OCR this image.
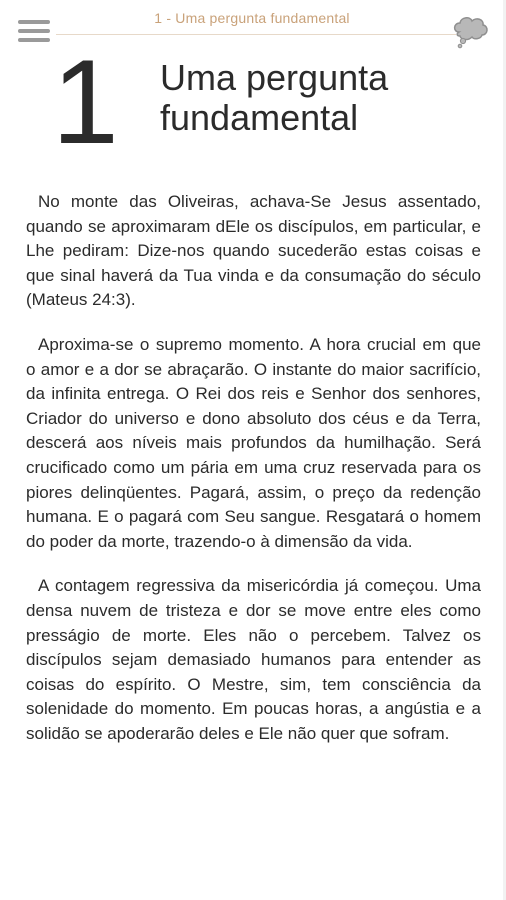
1 - Uma pergunta fundamental
1 Uma pergunta fundamental

No monte das Oliveiras, achava-Se Jesus assentado, quando se aproximaram dEle os discípulos, em particular, e Lhe pediram: Dize-nos quando sucederão estas coisas e que sinal haverá da Tua vinda e da consumação do século (Mateus 24:3).

Aproxima-se o supremo momento. A hora crucial em que o amor e a dor se abraçarão. O instante do maior sacrifício, da infinita entrega. O Rei dos reis e Senhor dos senhores, Criador do universo e dono absoluto dos céus e da Terra, descerá aos níveis mais profundos da humilhação. Será crucificado como um pária em uma cruz reservada para os piores delinqüentes. Pagará, assim, o preço da redenção humana. E o pagará com Seu sangue. Resgatará o homem do poder da morte, trazendo-o à dimensão da vida.

A contagem regressiva da misericórdia já começou. Uma densa nuvem de tristeza e dor se move entre eles como presságio de morte. Eles não o percebem. Talvez os discípulos sejam demasiado humanos para entender as coisas do espírito. O Mestre, sim, tem consciência da solenidade do momento. Em poucas horas, a angústia e a solidão se apoderarão deles e Ele não quer que sofram.
